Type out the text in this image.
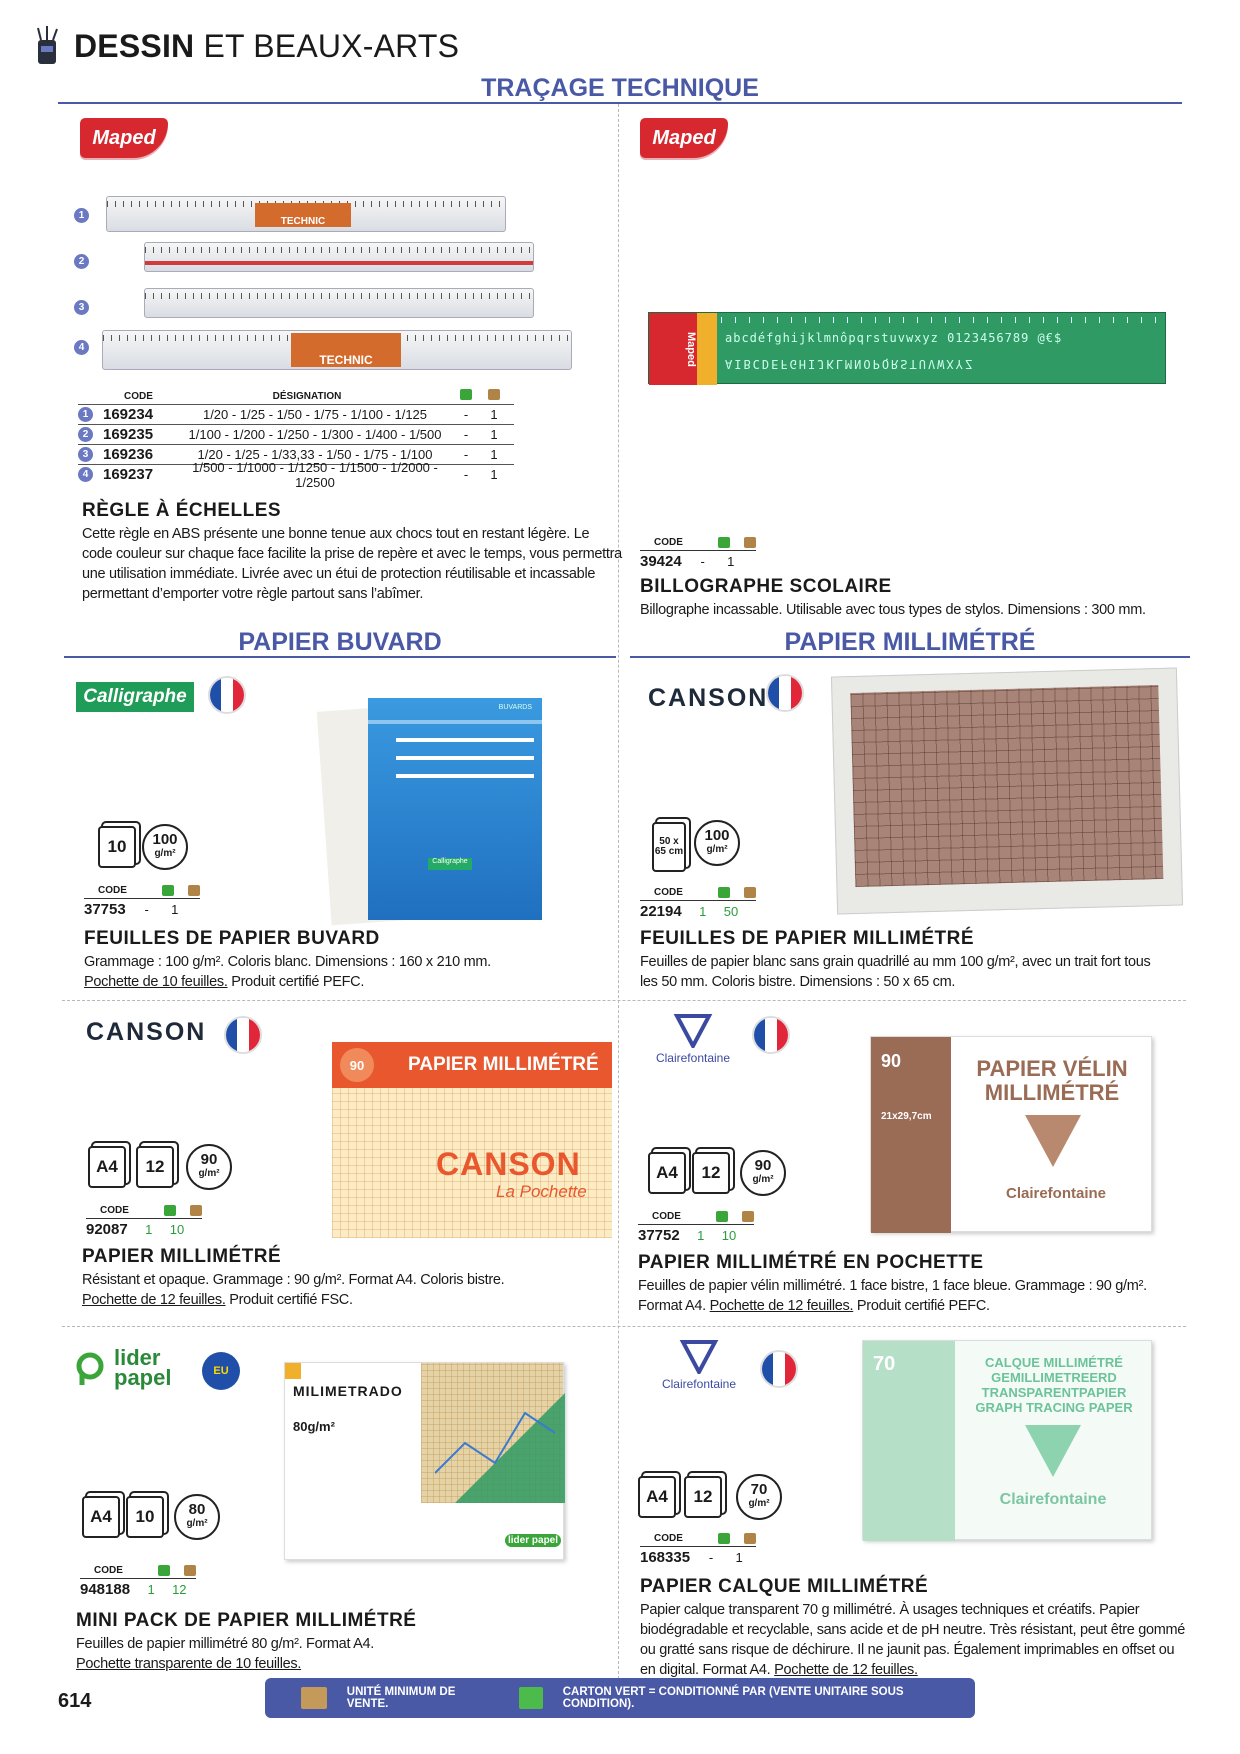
DESSIN ET BEAUX-ARTS
TRAÇAGE TECHNIQUE
Maped
1
TECHNIC
2
3
4
TECHNIC
CODE	DÉSIGNATION
1 169234	1/20 - 1/25 - 1/50 - 1/75 - 1/100 - 1/125	-	1
2 169235	1/100 - 1/200 - 1/250 - 1/300 - 1/400 - 1/500	-	1
3 169236	1/20 - 1/25 - 1/33,33 - 1/50 - 1/75 - 1/100	-	1
4 169237	1/500 - 1/1000 - 1/1250 - 1/1500 - 1/2000 - 1/2500	-	1
RÈGLE À ÉCHELLES
Cette règle en ABS présente une bonne tenue aux chocs tout en restant légère. Le code couleur sur chaque face facilite la prise de repère et avec le temps, vous permettra une utilisation immédiate. Livrée avec un étui de protection réutilisable et incassable permettant d’emporter votre règle partout sans l’abîmer.
Maped
Maped abcdéfghijklmnôpqrstuvwxyz 0123456789 @€$
AIBCDEFGHIJKLMNOPQRSTUVWXYZ
CODE
39424	-	1
BILLOGRAPHE SCOLAIRE
Billographe incassable. Utilisable avec tous types de stylos. Dimensions : 300 mm.
PAPIER BUVARD	PAPIER MILLIMÉTRÉ
Calligraphe
BUVARDS
Calligraphe
10	100
g/m²
CODE
37753	-	1
FEUILLES DE PAPIER BUVARD
Grammage : 100 g/m². Coloris blanc. Dimensions : 160 x 210 mm.
Pochette de 10 feuilles. Produit certifié PEFC.
CANSON
50 x 65 cm
100
g/m²
CODE
22194 1 50
FEUILLES DE PAPIER MILLIMÉTRÉ
Feuilles de papier blanc sans grain quadrillé au mm 100 g/m², avec un trait fort tous les 50 mm. Coloris bistre. Dimensions : 50 x 65 cm.
CANSON
90	PAPIER MILLIMÉTRÉ
CANSON
La Pochette
A4	12	90
g/m²
CODE
92087 1 10
PAPIER MILLIMÉTRÉ
Résistant et opaque. Grammage : 90 g/m². Format A4. Coloris bistre.
Pochette de 12 feuilles. Produit certifié FSC.
Clairefontaine	90
21x29,7cm
PAPIER VÉLIN MILLIMÉTRÉ
Clairefontaine
A4	12	90
g/m²
CODE
37752 1 10
PAPIER MILLIMÉTRÉ EN POCHETTE
Feuilles de papier vélin millimétré. 1 face bistre, 1 face bleue. Grammage : 90 g/m². Format A4. Pochette de 12 feuilles. Produit certifié PEFC.
lider papel	EU
MILIMETRADO
80g/m²
lider papel
A4	10	80
g/m²
CODE
948188 1 12
MINI PACK DE PAPIER MILLIMÉTRÉ
Feuilles de papier millimétré 80 g/m². Format A4.
Pochette transparente de 10 feuilles.
Clairefontaine
70	CALQUE MILLIMÉTRÉ GEMILLIMETREERD TRANSPARENTPAPIER GRAPH TRACING PAPER
Clairefontaine
A4	12	70
g/m²
CODE
168335	-	1
PAPIER CALQUE MILLIMÉTRÉ
Papier calque transparent 70 g millimétré. À usages techniques et créatifs. Papier biodégradable et recyclable, sans acide et de pH neutre. Très résistant, peut être gommé ou gratté sans risque de déchirure. Il ne jaunit pas. Également imprimables en offset ou en digital. Format A4. Pochette de 12 feuilles.
614	UNITÉ MINIMUM DE VENTE.
CARTON VERT = CONDITIONNÉ PAR (VENTE UNITAIRE SOUS CONDITION).
